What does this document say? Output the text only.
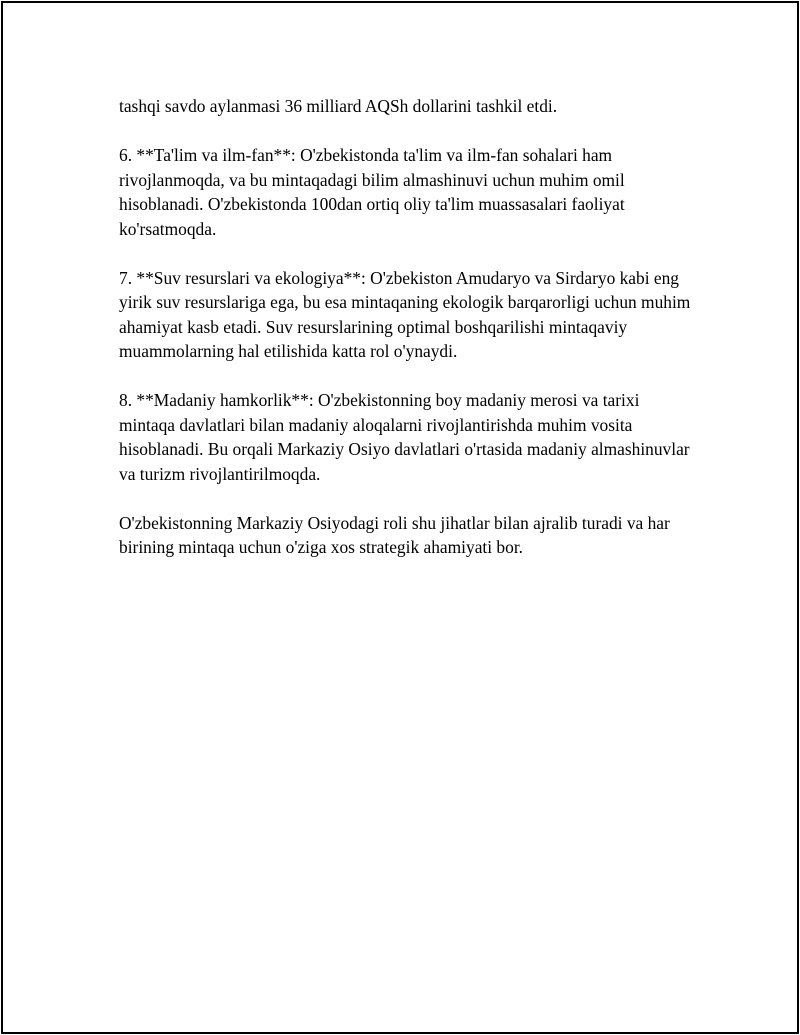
tashqi savdo aylanmasi 36 milliard AQSh dollarini tashkil etdi.

6. **Ta'lim va ilm-fan**: O'zbekistonda ta'lim va ilm-fan sohalari ham rivojlanmoqda, va bu mintaqadagi bilim almashinuvi uchun muhim omil hisoblanadi. O'zbekistonda 100dan ortiq oliy ta'lim muassasalari faoliyat ko'rsatmoqda.

7. **Suv resurslari va ekologiya**: O'zbekiston Amudaryo va Sirdaryo kabi eng yirik suv resurslariga ega, bu esa mintaqaning ekologik barqarorligi uchun muhim ahamiyat kasb etadi. Suv resurslarining optimal boshqarilishi mintaqaviy muammolarning hal etilishida katta rol o'ynaydi.

8. **Madaniy hamkorlik**: O'zbekistonning boy madaniy merosi va tarixi mintaqa davlatlari bilan madaniy aloqalarni rivojlantirishda muhim vosita hisoblanadi. Bu orqali Markaziy Osiyo davlatlari o'rtasida madaniy almashinuvlar va turizm rivojlantirilmoqda.

O'zbekistonning Markaziy Osiyodagi roli shu jihatlar bilan ajralib turadi va har birining mintaqa uchun o'ziga xos strategik ahamiyati bor.
